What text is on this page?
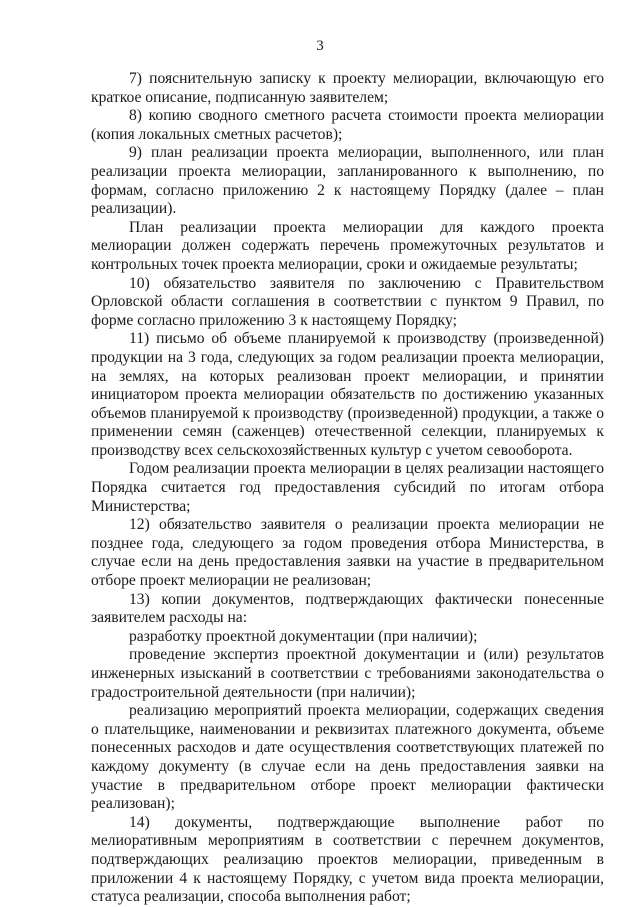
3

7) пояснительную записку к проекту мелиорации, включающую его краткое описание, подписанную заявителем;

8) копию сводного сметного расчета стоимости проекта мелиорации (копия локальных сметных расчетов);

9) план реализации проекта мелиорации, выполненного, или план реализации проекта мелиорации, запланированного к выполнению, по формам, согласно приложению 2 к настоящему Порядку (далее – план реализации).

План реализации проекта мелиорации для каждого проекта мелиорации должен содержать перечень промежуточных результатов и контрольных точек проекта мелиорации, сроки и ожидаемые результаты;

10) обязательство заявителя по заключению с Правительством Орловской области соглашения в соответствии с пунктом 9 Правил, по форме согласно приложению 3 к настоящему Порядку;

11) письмо об объеме планируемой к производству (произведенной) продукции на 3 года, следующих за годом реализации проекта мелиорации, на землях, на которых реализован проект мелиорации, и принятии инициатором проекта мелиорации обязательств по достижению указанных объемов планируемой к производству (произведенной) продукции, а также о применении семян (саженцев) отечественной селекции, планируемых к производству всех сельскохозяйственных культур с учетом севооборота.

Годом реализации проекта мелиорации в целях реализации настоящего Порядка считается год предоставления субсидий по итогам отбора Министерства;

12) обязательство заявителя о реализации проекта мелиорации не позднее года, следующего за годом проведения отбора Министерства, в случае если на день предоставления заявки на участие в предварительном отборе проект мелиорации не реализован;

13) копии документов, подтверждающих фактически понесенные заявителем расходы на:

разработку проектной документации (при наличии);

проведение экспертиз проектной документации и (или) результатов инженерных изысканий в соответствии с требованиями законодательства о градостроительной деятельности (при наличии);

реализацию мероприятий проекта мелиорации, содержащих сведения о плательщике, наименовании и реквизитах платежного документа, объеме понесенных расходов и дате осуществления соответствующих платежей по каждому документу (в случае если на день предоставления заявки на участие в предварительном отборе проект мелиорации фактически реализован);

14) документы, подтверждающие выполнение работ по мелиоративным мероприятиям в соответствии с перечнем документов, подтверждающих реализацию проектов мелиорации, приведенным в приложении 4 к настоящему Порядку, с учетом вида проекта мелиорации, статуса реализации, способа выполнения работ;
